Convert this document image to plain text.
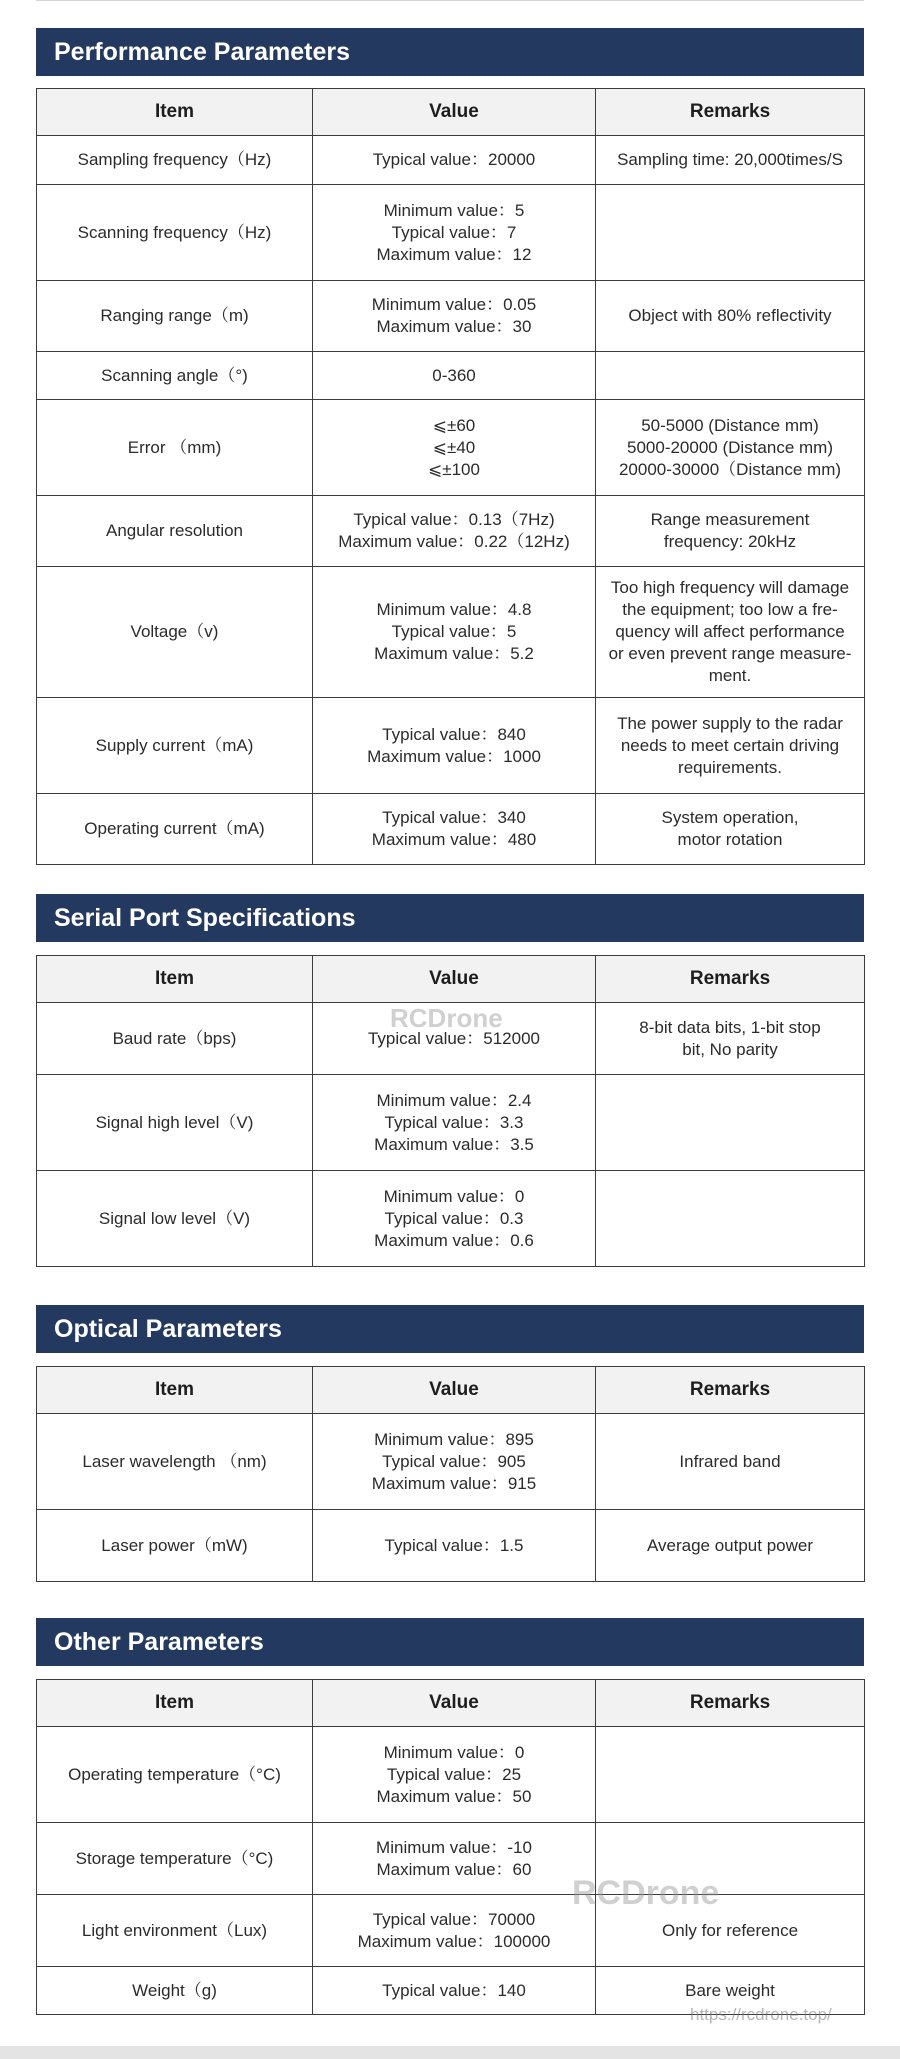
Performance Parameters
Item	Value	Remarks
Sampling frequency（Hz)	Typical value：20000	Sampling time: 20,000times/S

Scanning frequency（Hz)	Minimum value：5
Typical value：7
Maximum value：12	

Ranging range（m)	Minimum value：0.05
Maximum value：30	Object with 80% reflectivity

Scanning angle（°)	0-360	

Error （mm)	⩽±60
⩽±40
⩽±100	50-5000 (Distance mm)
5000-20000 (Distance mm)
20000-30000（Distance mm)

Angular resolution	Typical value：0.13（7Hz)
Maximum value：0.22（12Hz)	Range measurement
frequency: 20kHz

Voltage（v)	Minimum value：4.8
Typical value：5
Maximum value：5.2	Too high frequency will damage
the equipment; too low a fre-
quency will affect performance
or even prevent range measure-
ment.

Supply current（mA)	Typical value：840
Maximum value：1000	The power supply to the radar
needs to meet certain driving
requirements.

Operating current（mA)	Typical value：340
Maximum value：480	System operation,
motor rotation
Serial Port Specifications
Item	Value	Remarks
Baud rate（bps)	Typical value：512000	8-bit data bits, 1-bit stop
bit, No parity

Signal high level（V)	Minimum value：2.4
Typical value：3.3
Maximum value：3.5	

Signal low level（V)	Minimum value：0
Typical value：0.3
Maximum value：0.6	

Optical Parameters
Item	Value	Remarks
Laser wavelength （nm)	Minimum value：895
Typical value：905
Maximum value：915	Infrared band

Laser power（mW)	Typical value：1.5	Average output power
Other Parameters
Item	Value	Remarks
Operating temperature（°C)	Minimum value：0
Typical value：25
Maximum value：50	

Storage temperature（°C)	Minimum value：-10
Maximum value：60	

Light environment（Lux)	Typical value：70000
Maximum value：100000	Only for reference

Weight（g)	Typical value：140	Bare weight
RCDrone
RCDrone
https://rcdrone.top/
